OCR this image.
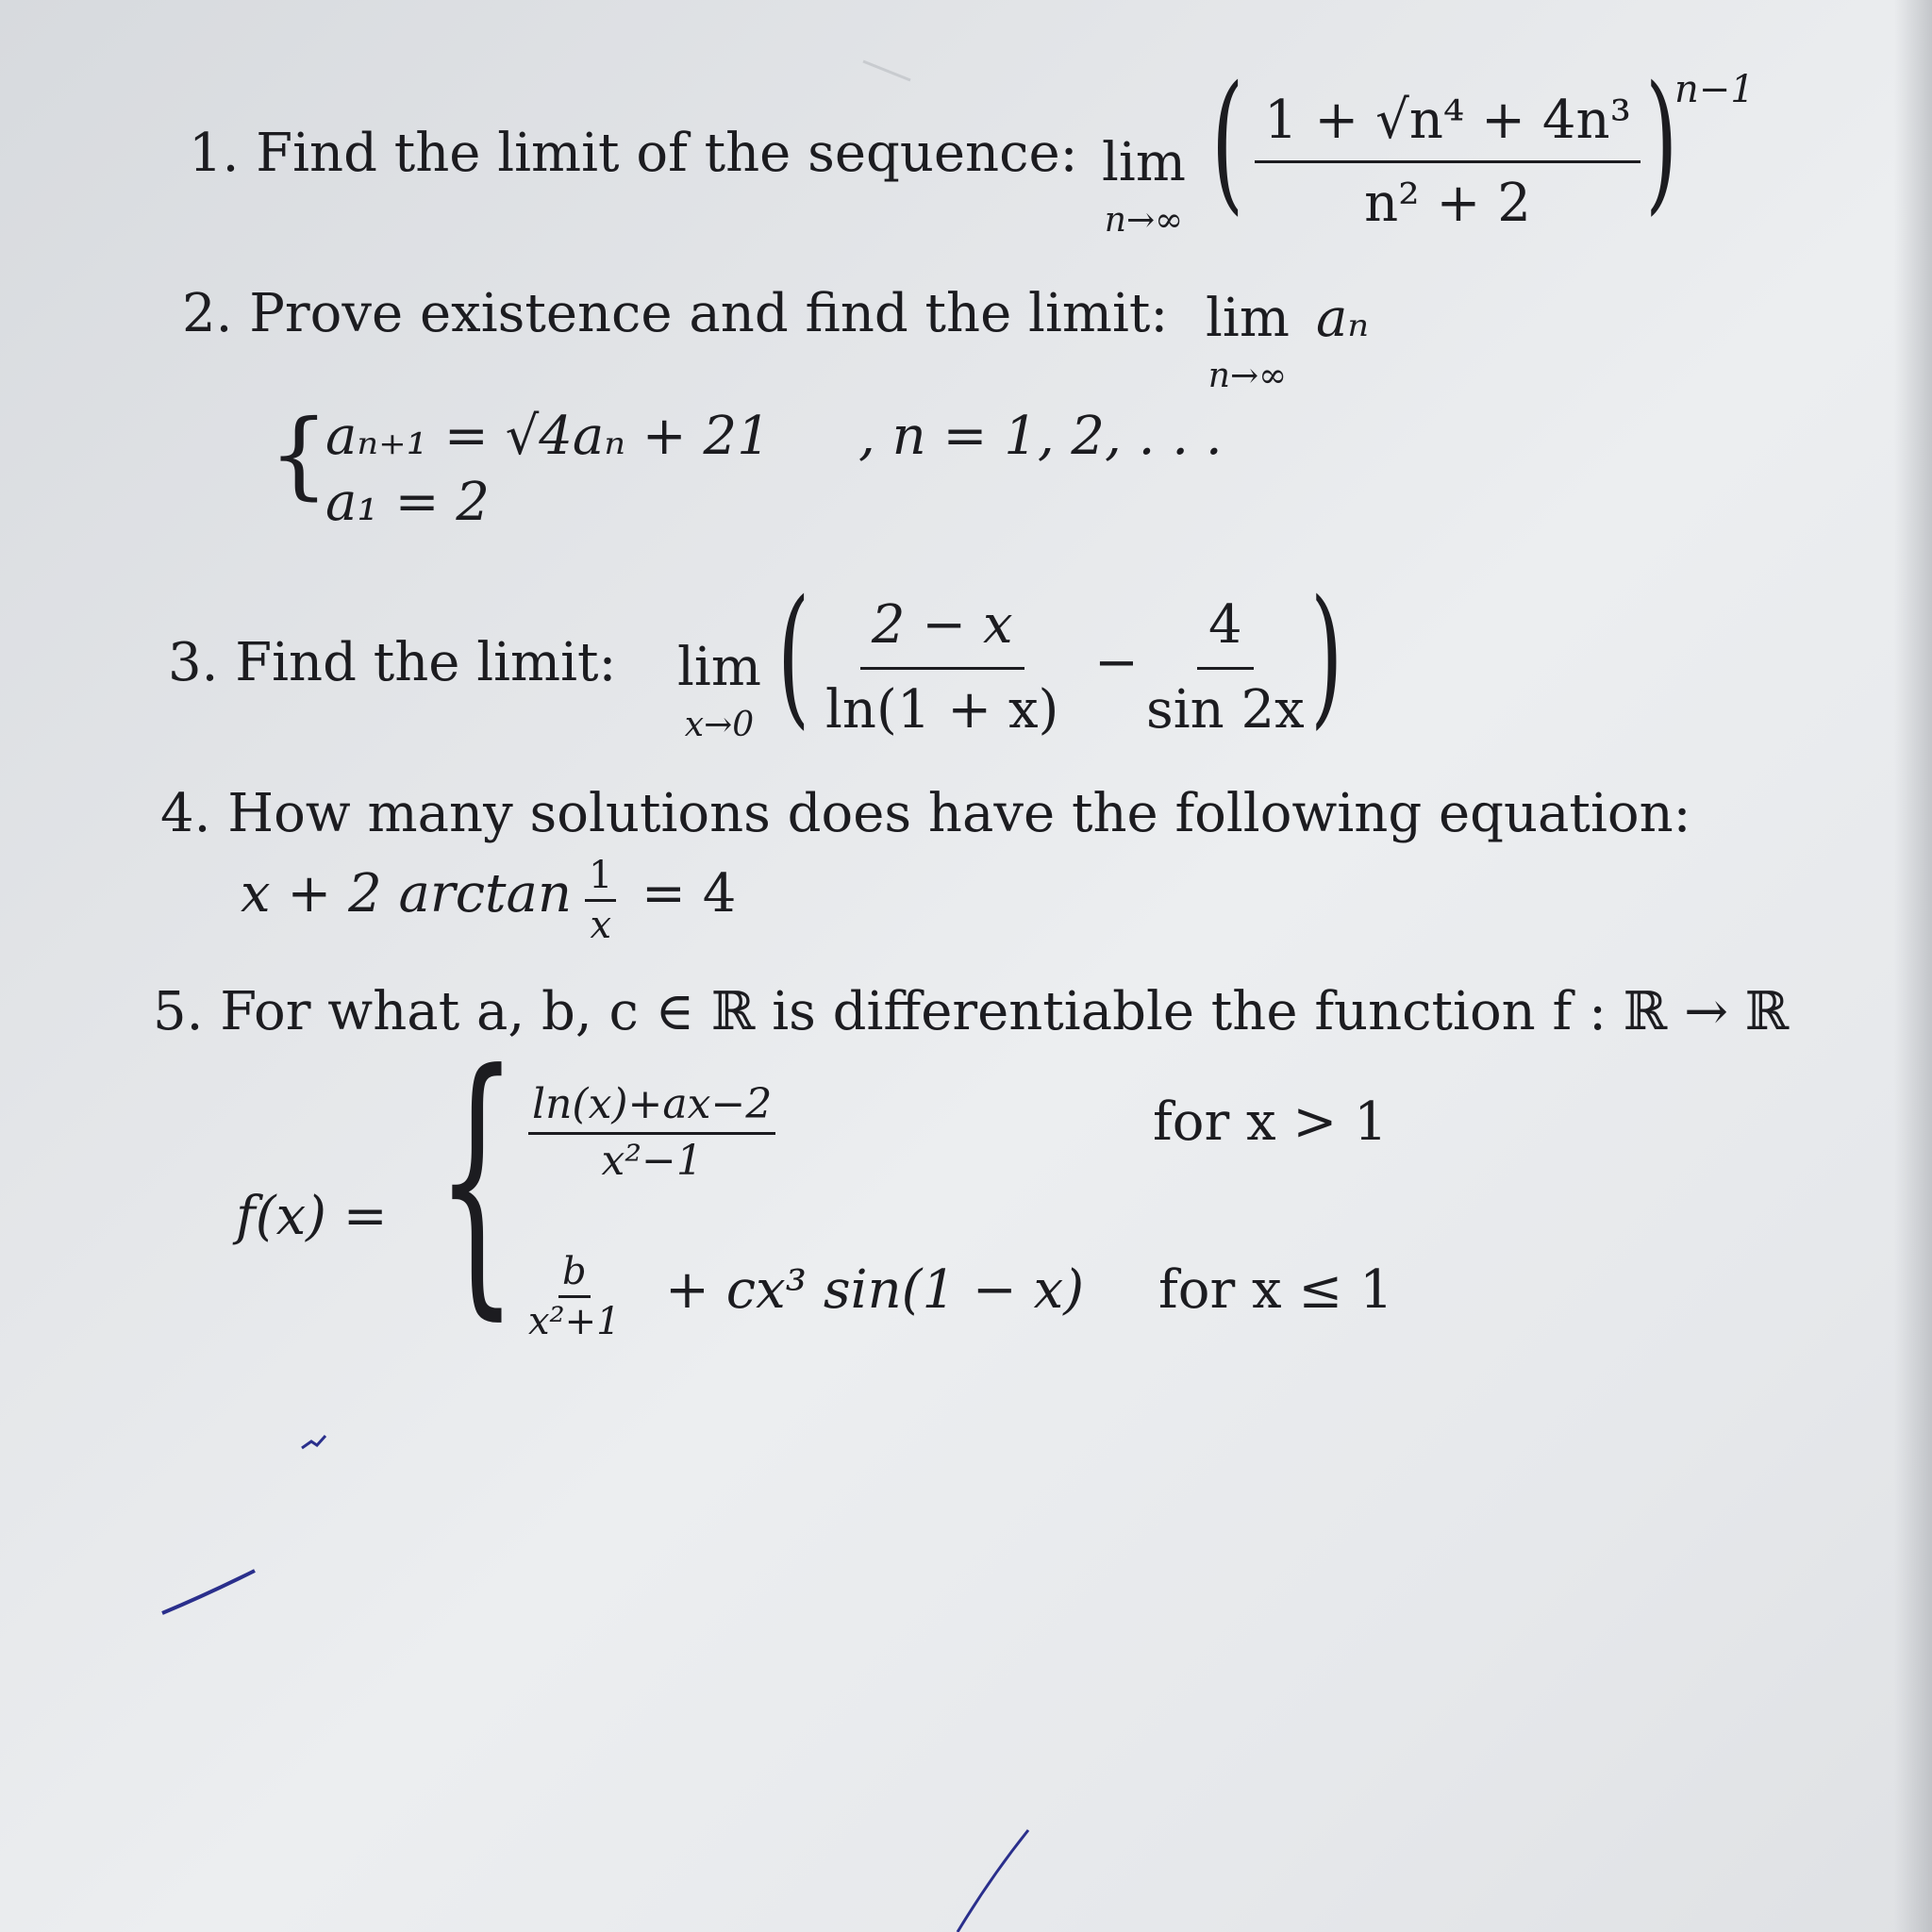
1. Find the limit of the sequence: lim
n→∞ ( 1 + √n⁴ + 4n³
n² + 2 )
n−1
2. Prove existence and find the limit: lim
n→∞
aₙ
{
aₙ₊₁ = √4aₙ + 21 , n = 1, 2, . . .
a₁ = 2
3. Find the limit: lim
x→0 ( $\frac{2 - x}{\ln(1 + x)} - \frac{4}{\sin 2x}$ )
4. How many solutions does have the following equation:
x + 2 $\arctan \frac{1}{x} = 4$
5. For what a, b, c ∈ ℝ is differentiable the function f : ℝ → ℝ
f(x) = { $\frac{\ln(x)+ax-2}{\text{x²−1}}$	for x > 1
$\frac{b}{\text{x²+1}} + cx^3$ sin(1 − x) for x ≤ 1
